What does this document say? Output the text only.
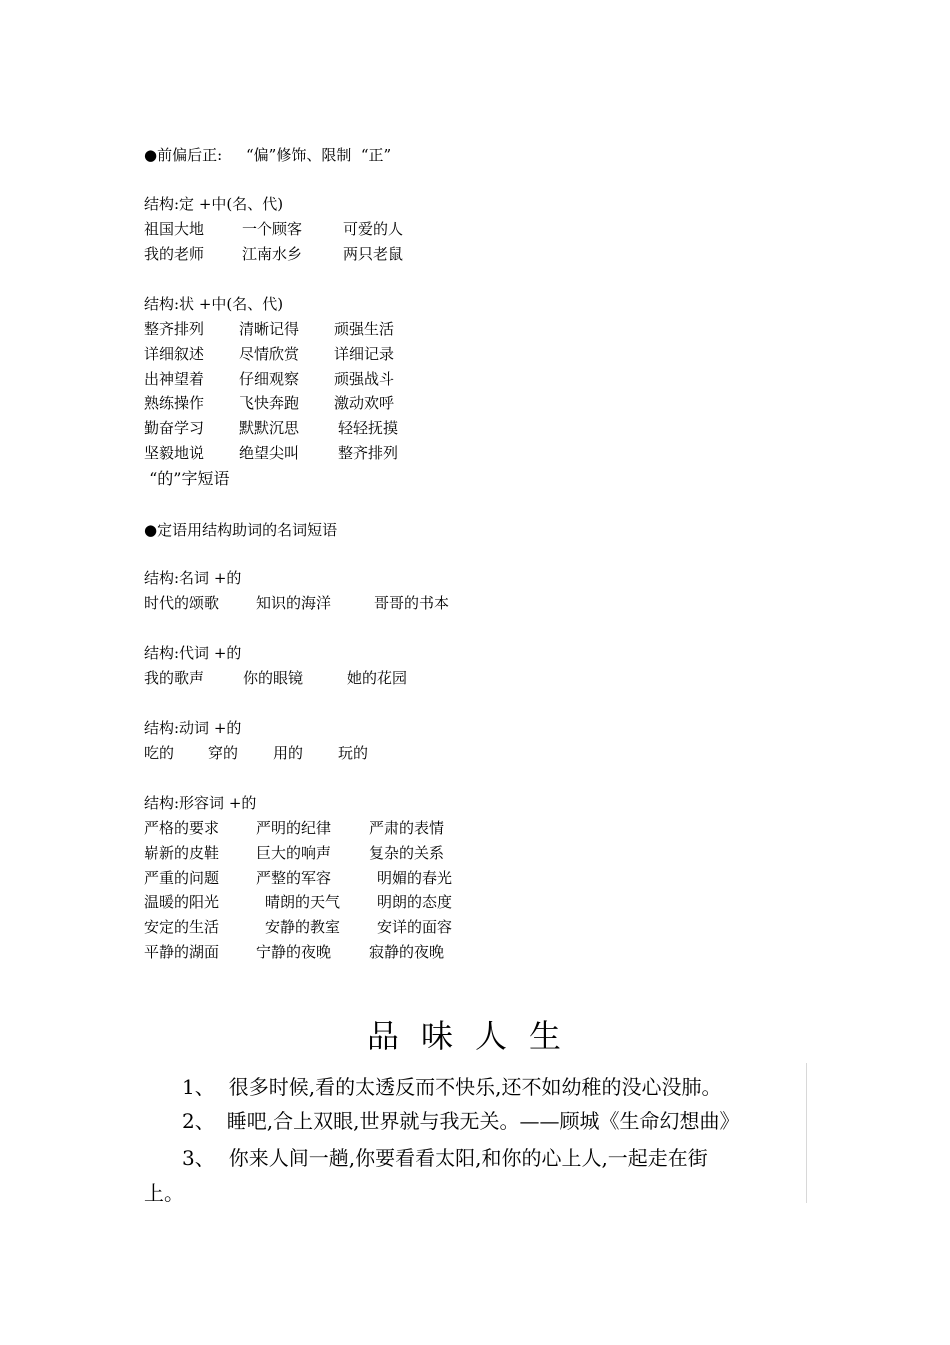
●前偏后正:     “偏”修饰、限制  “正”
结构:定 +中(名、代)
祖国大地	一个顾客	可爱的人
我的老师	江南水乡	两只老鼠
结构:状 +中(名、代)
整齐排列 清晰记得 顽强生活
详细叙述 尽情欣赏 详细记录
出神望着 仔细观察 顽强战斗
熟练操作 飞快奔跑 激动欢呼
勤奋学习 默默沉思	轻轻抚摸
坚毅地说 绝望尖叫	整齐排列
“的”字短语
●定语用结构助词的名词短语
结构:名词 +的
时代的颂歌 知识的海洋	哥哥的书本
结构:代词 +的
我的歌声	你的眼镜	她的花园
结构:动词 +的
吃的 穿的 用的 玩的
结构:形容词 +的
严格的要求 严明的纪律	严肃的表情
崭新的皮鞋 巨大的响声	复杂的关系
严重的问题 严整的军容	明媚的春光
温暖的阳光	晴朗的天气 明朗的态度
安定的生活	安静的教室 安详的面容
平静的湖面 宁静的夜晚	寂静的夜晚
品味人生
1、 很多时候,看的太透反而不快乐,还不如幼稚的没心没肺。
2、 睡吧,合上双眼,世界就与我无关。——顾城《生命幻想曲》
3、 你来人间一趟,你要看看太阳,和你的心上人,一起走在街
上。
